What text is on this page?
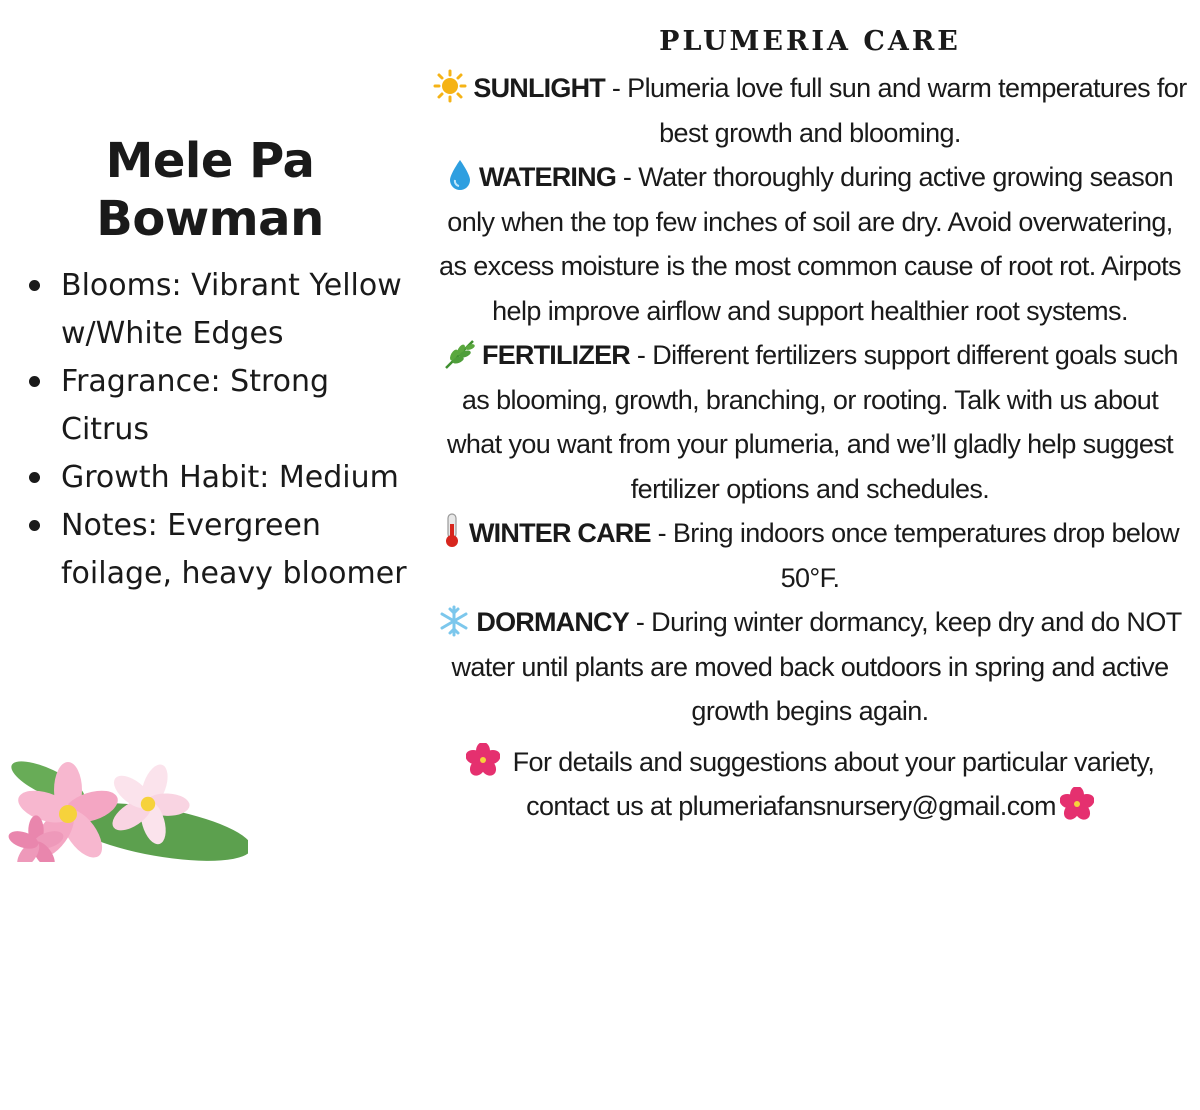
Mele Pa
Bowman
Blooms: Vibrant Yellow
w/White Edges
Fragrance: Strong
Citrus
Growth Habit: Medium
Notes: Evergreen
foilage, heavy bloomer
PLUMERIA CARE

SUNLIGHT - Plumeria love full sun and warm temperatures for best growth and blooming.

WATERING - Water thoroughly during active growing season only when the top few inches of soil are dry. Avoid overwatering, as excess moisture is the most common cause of root rot. Airpots help improve airflow and support healthier root systems.

FERTILIZER - Different fertilizers support different goals such as blooming, growth, branching, or rooting. Talk with us about what you want from your plumeria, and we’ll gladly help suggest fertilizer options and schedules.

WINTER CARE - Bring indoors once temperatures drop below 50°F.

DORMANCY - During winter dormancy, keep dry and do NOT water until plants are moved back outdoors in spring and active growth begins again.

For details and suggestions about your particular variety, contact us at plumeriafansnursery@gmail.com
